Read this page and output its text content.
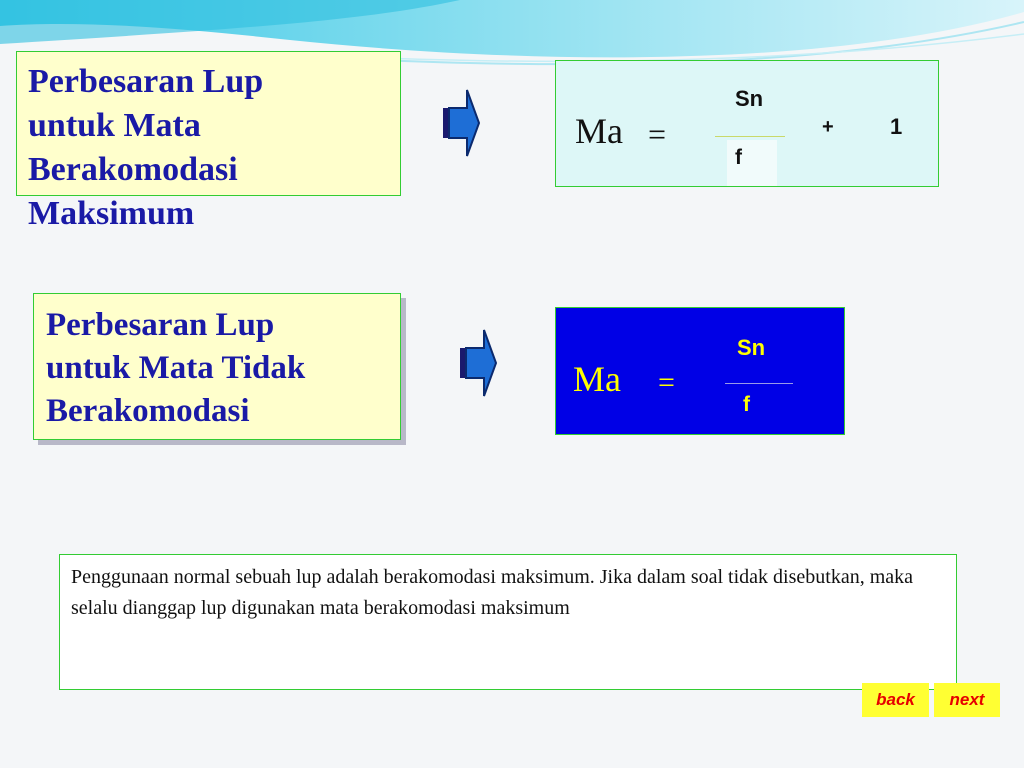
Perbesaran Lup
untuk Mata
Berakomodasi
Maksimum

Ma =
Sn
f
+	1

Perbesaran Lup
untuk Mata Tidak
Berakomodasi

Ma =
Sn
f

Penggunaan normal sebuah lup adalah berakomodasi maksimum. Jika dalam soal tidak disebutkan, maka selalu dianggap lup digunakan mata berakomodasi maksimum

back	next
